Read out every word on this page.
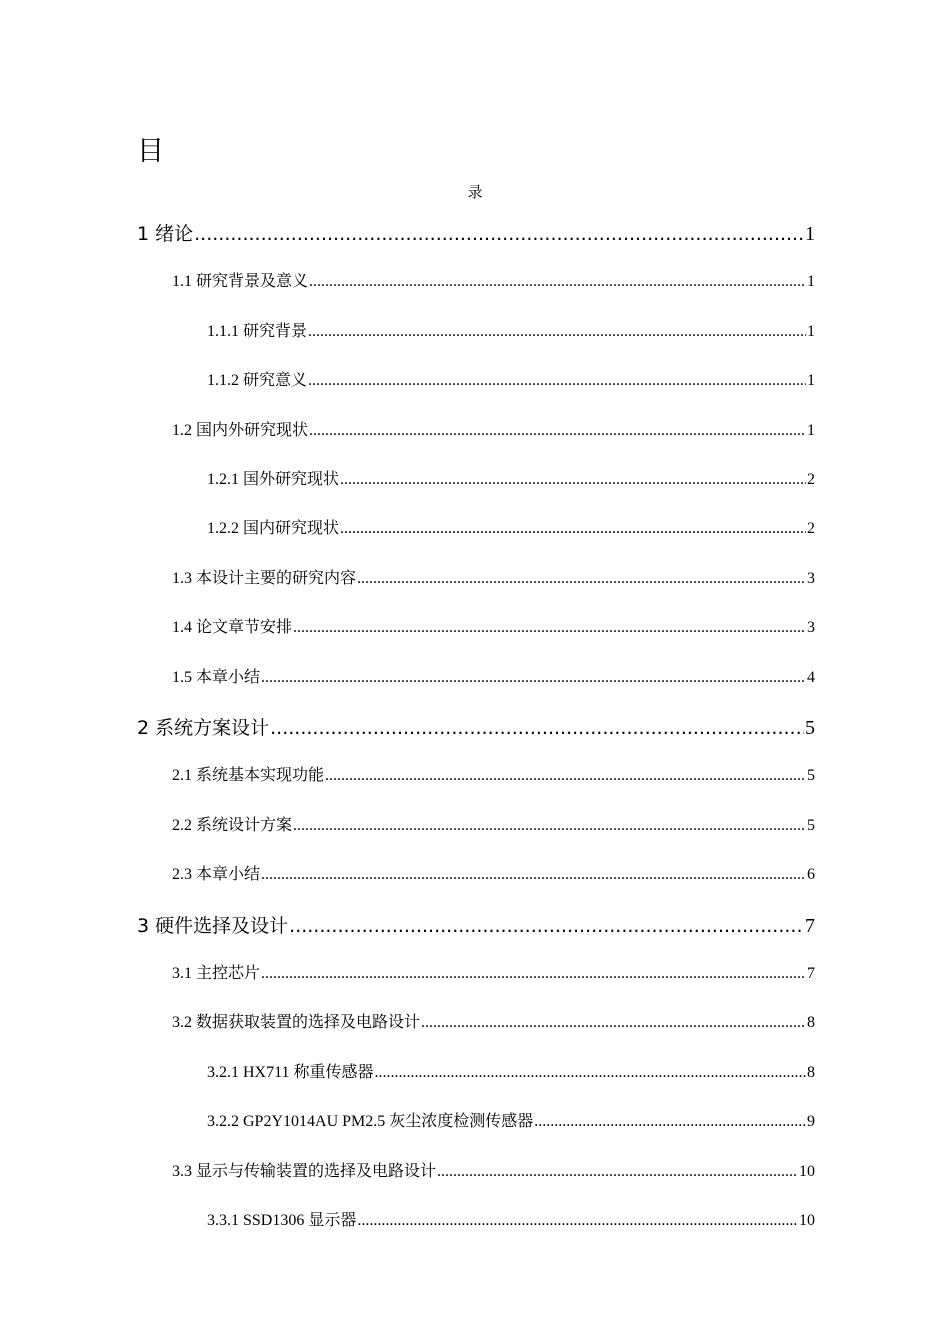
目
录
1 绪论 .....	1
1.1 研究背景及意义 .....	1
1.1.1 研究背景 .....	1
1.1.2 研究意义 .....	1
1.2 国内外研究现状 .....	1
1.2.1 国外研究现状 .....	2
1.2.2 国内研究现状 .....	2
1.3 本设计主要的研究内容 .....	3
1.4 论文章节安排 .....	3
1.5 本章小结 .....	4
2 系统方案设计 .....	5
2.1 系统基本实现功能 .....	5
2.2 系统设计方案 .....	5
2.3 本章小结 .....	6
3 硬件选择及设计 .....	7
3.1 主控芯片 .....	7
3.2 数据获取装置的选择及电路设计 .....	8
3.2.1 HX711 称重传感器 .....	8
3.2.2 GP2Y1014AU PM2.5 灰尘浓度检测传感器 .....	9
3.3 显示与传输装置的选择及电路设计 .....	10
3.3.1 SSD1306 显示器 .....	10
